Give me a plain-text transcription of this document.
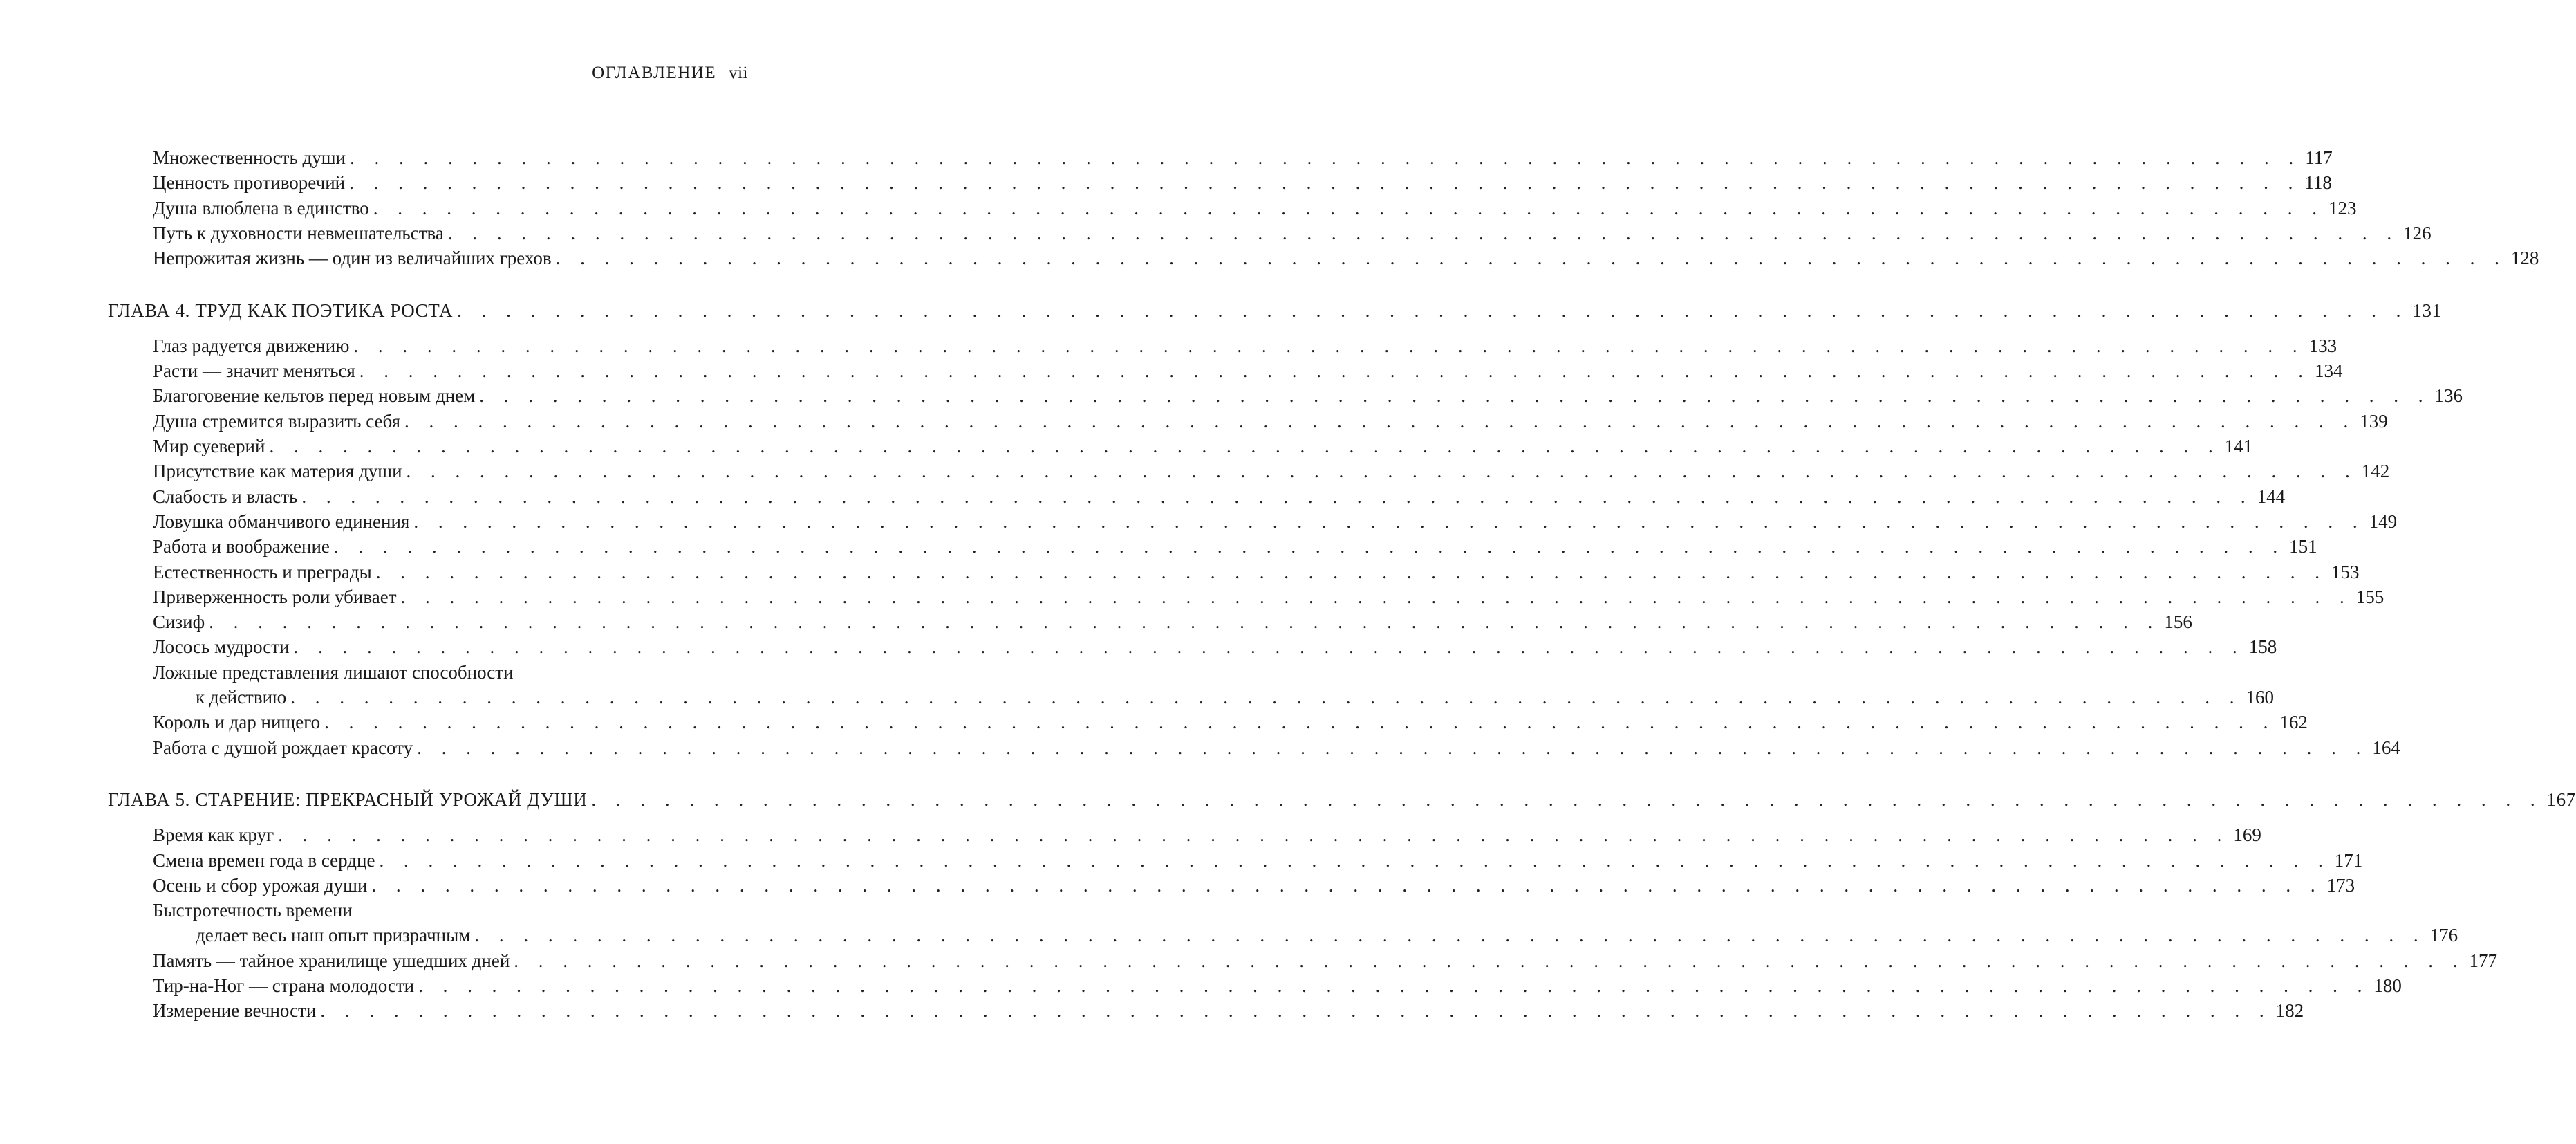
ОГЛАВЛЕНИЕ vii
Множественность души . . . . . . . . . . . . . . . . . . . . . . . . . . . . . . . . . . . . . . . . . . . . . . . . . . . . . . . . . . . . . . . . . . . . . . . . . . . . . . . . 117
Ценность противоречий . . . . . . . . . . . . . . . . . . . . . . . . . . . . . . . . . . . . . . . . . . . . . . . . . . . . . . . . . . . . . . . . . . . . . . . . . . . . . . . . 118
Душа влюблена в единство . . . . . . . . . . . . . . . . . . . . . . . . . . . . . . . . . . . . . . . . . . . . . . . . . . . . . . . . . . . . . . . . . . . . . . . . . . . . . . . . 123
Путь к духовности невмешательства . . . . . . . . . . . . . . . . . . . . . . . . . . . . . . . . . . . . . . . . . . . . . . . . . . . . . . . . . . . . . . . . . . . . . . . . . . . . . . . . 126
Непрожитая жизнь — один из величайших грехов . . . . . . . . . . . . . . . . . . . . . . . . . . . . . . . . . . . . . . . . . . . . . . . . . . . . . . . . . . . . . . . . . . . . . . . . . . . . . . . . 128
ГЛАВА 4. ТРУД КАК ПОЭТИКА РОСТА . . . . . . . . . . . . . . . . . . . . . . . . . . . . . . . . . . . . . . . . . . . . . . . . . . . . . . . . . . . . . . . . . . . . . . . . . . . . . . . . 131
Глаз радуется движению . . . . . . . . . . . . . . . . . . . . . . . . . . . . . . . . . . . . . . . . . . . . . . . . . . . . . . . . . . . . . . . . . . . . . . . . . . . . . . . . 133
Расти — значит меняться . . . . . . . . . . . . . . . . . . . . . . . . . . . . . . . . . . . . . . . . . . . . . . . . . . . . . . . . . . . . . . . . . . . . . . . . . . . . . . . . 134
Благоговение кельтов перед новым днем . . . . . . . . . . . . . . . . . . . . . . . . . . . . . . . . . . . . . . . . . . . . . . . . . . . . . . . . . . . . . . . . . . . . . . . . . . . . . . . . 136
Душа стремится выразить себя . . . . . . . . . . . . . . . . . . . . . . . . . . . . . . . . . . . . . . . . . . . . . . . . . . . . . . . . . . . . . . . . . . . . . . . . . . . . . . . . 139
Мир суеверий . . . . . . . . . . . . . . . . . . . . . . . . . . . . . . . . . . . . . . . . . . . . . . . . . . . . . . . . . . . . . . . . . . . . . . . . . . . . . . . . 141
Присутствие как материя души . . . . . . . . . . . . . . . . . . . . . . . . . . . . . . . . . . . . . . . . . . . . . . . . . . . . . . . . . . . . . . . . . . . . . . . . . . . . . . . . 142
Слабость и власть . . . . . . . . . . . . . . . . . . . . . . . . . . . . . . . . . . . . . . . . . . . . . . . . . . . . . . . . . . . . . . . . . . . . . . . . . . . . . . . . 144
Ловушка обманчивого единения . . . . . . . . . . . . . . . . . . . . . . . . . . . . . . . . . . . . . . . . . . . . . . . . . . . . . . . . . . . . . . . . . . . . . . . . . . . . . . . . 149
Работа и воображение . . . . . . . . . . . . . . . . . . . . . . . . . . . . . . . . . . . . . . . . . . . . . . . . . . . . . . . . . . . . . . . . . . . . . . . . . . . . . . . . 151
Естественность и преграды . . . . . . . . . . . . . . . . . . . . . . . . . . . . . . . . . . . . . . . . . . . . . . . . . . . . . . . . . . . . . . . . . . . . . . . . . . . . . . . . 153
Приверженность роли убивает . . . . . . . . . . . . . . . . . . . . . . . . . . . . . . . . . . . . . . . . . . . . . . . . . . . . . . . . . . . . . . . . . . . . . . . . . . . . . . . . 155
Сизиф . . . . . . . . . . . . . . . . . . . . . . . . . . . . . . . . . . . . . . . . . . . . . . . . . . . . . . . . . . . . . . . . . . . . . . . . . . . . . . . . 156
Лосось мудрости . . . . . . . . . . . . . . . . . . . . . . . . . . . . . . . . . . . . . . . . . . . . . . . . . . . . . . . . . . . . . . . . . . . . . . . . . . . . . . . . 158
Ложные представления лишают способности
к действию . . . . . . . . . . . . . . . . . . . . . . . . . . . . . . . . . . . . . . . . . . . . . . . . . . . . . . . . . . . . . . . . . . . . . . . . . . . . . . . . 160
Король и дар нищего . . . . . . . . . . . . . . . . . . . . . . . . . . . . . . . . . . . . . . . . . . . . . . . . . . . . . . . . . . . . . . . . . . . . . . . . . . . . . . . . 162
Работа с душой рождает красоту . . . . . . . . . . . . . . . . . . . . . . . . . . . . . . . . . . . . . . . . . . . . . . . . . . . . . . . . . . . . . . . . . . . . . . . . . . . . . . . . 164
ГЛАВА 5. СТАРЕНИЕ: ПРЕКРАСНЫЙ УРОЖАЙ ДУШИ . . . . . . . . . . . . . . . . . . . . . . . . . . . . . . . . . . . . . . . . . . . . . . . . . . . . . . . . . . . . . . . . . . . . . . . . . . . . . . . . 167
Время как круг . . . . . . . . . . . . . . . . . . . . . . . . . . . . . . . . . . . . . . . . . . . . . . . . . . . . . . . . . . . . . . . . . . . . . . . . . . . . . . . . 169
Смена времен года в сердце . . . . . . . . . . . . . . . . . . . . . . . . . . . . . . . . . . . . . . . . . . . . . . . . . . . . . . . . . . . . . . . . . . . . . . . . . . . . . . . . 171
Осень и сбор урожая души . . . . . . . . . . . . . . . . . . . . . . . . . . . . . . . . . . . . . . . . . . . . . . . . . . . . . . . . . . . . . . . . . . . . . . . . . . . . . . . . 173
Быстротечность времени
делает весь наш опыт призрачным . . . . . . . . . . . . . . . . . . . . . . . . . . . . . . . . . . . . . . . . . . . . . . . . . . . . . . . . . . . . . . . . . . . . . . . . . . . . . . . . 176
Память — тайное хранилище ушедших дней . . . . . . . . . . . . . . . . . . . . . . . . . . . . . . . . . . . . . . . . . . . . . . . . . . . . . . . . . . . . . . . . . . . . . . . . . . . . . . . . 177
Тир-на-Ног — страна молодости . . . . . . . . . . . . . . . . . . . . . . . . . . . . . . . . . . . . . . . . . . . . . . . . . . . . . . . . . . . . . . . . . . . . . . . . . . . . . . . . 180
Измерение вечности . . . . . . . . . . . . . . . . . . . . . . . . . . . . . . . . . . . . . . . . . . . . . . . . . . . . . . . . . . . . . . . . . . . . . . . . . . . . . . . . 182
